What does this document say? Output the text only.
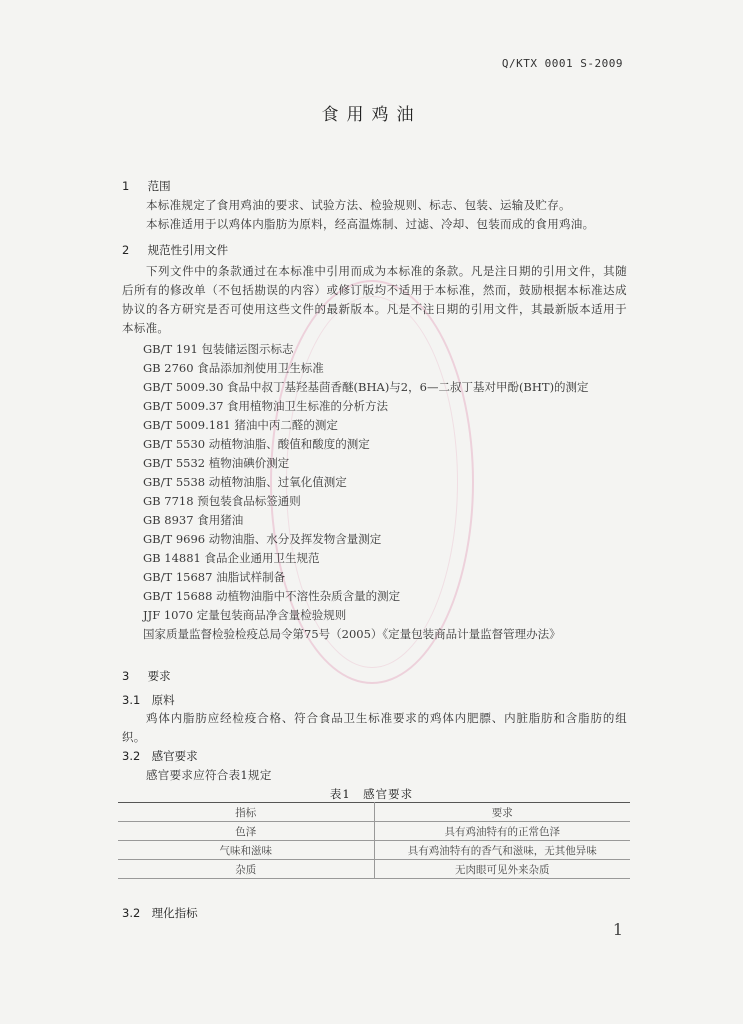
Q/KTX 0001 S-2009
食用鸡油
1 范围
本标准规定了食用鸡油的要求、试验方法、检验规则、标志、包装、运输及贮存。
本标准适用于以鸡体内脂肪为原料，经高温炼制、过滤、冷却、包装而成的食用鸡油。
2 规范性引用文件
下列文件中的条款通过在本标准中引用而成为本标准的条款。凡是注日期的引用文件，其随后所有的修改单（不包括勘误的内容）或修订版均不适用于本标准，然而，鼓励根据本标准达成协议的各方研究是否可使用这些文件的最新版本。凡是不注日期的引用文件，其最新版本适用于本标准。
GB/T 191 包装储运图示标志
GB 2760 食品添加剂使用卫生标准
GB/T 5009.30 食品中叔丁基羟基茴香醚(BHA)与2，6—二叔丁基对甲酚(BHT)的测定
GB/T 5009.37 食用植物油卫生标准的分析方法
GB/T 5009.181 猪油中丙二醛的测定
GB/T 5530 动植物油脂、酸值和酸度的测定
GB/T 5532 植物油碘价测定
GB/T 5538 动植物油脂、过氧化值测定
GB 7718 预包装食品标签通则
GB 8937 食用猪油
GB/T 9696 动物油脂、水分及挥发物含量测定
GB 14881 食品企业通用卫生规范
GB/T 15687 油脂试样制备
GB/T 15688 动植物油脂中不溶性杂质含量的测定
JJF 1070 定量包装商品净含量检验规则
国家质量监督检验检疫总局令第75号（2005）《定量包装商品计量监督管理办法》
3 要求
3.1 原料
鸡体内脂肪应经检疫合格、符合食品卫生标准要求的鸡体内肥膘、内脏脂肪和含脂肪的组织。
3.2 感官要求
感官要求应符合表1规定
表1　感官要求
指标	要求
色泽	具有鸡油特有的正常色泽
气味和滋味	具有鸡油特有的香气和滋味，无其他异味
杂质	无肉眼可见外来杂质
3.2 理化指标
1
